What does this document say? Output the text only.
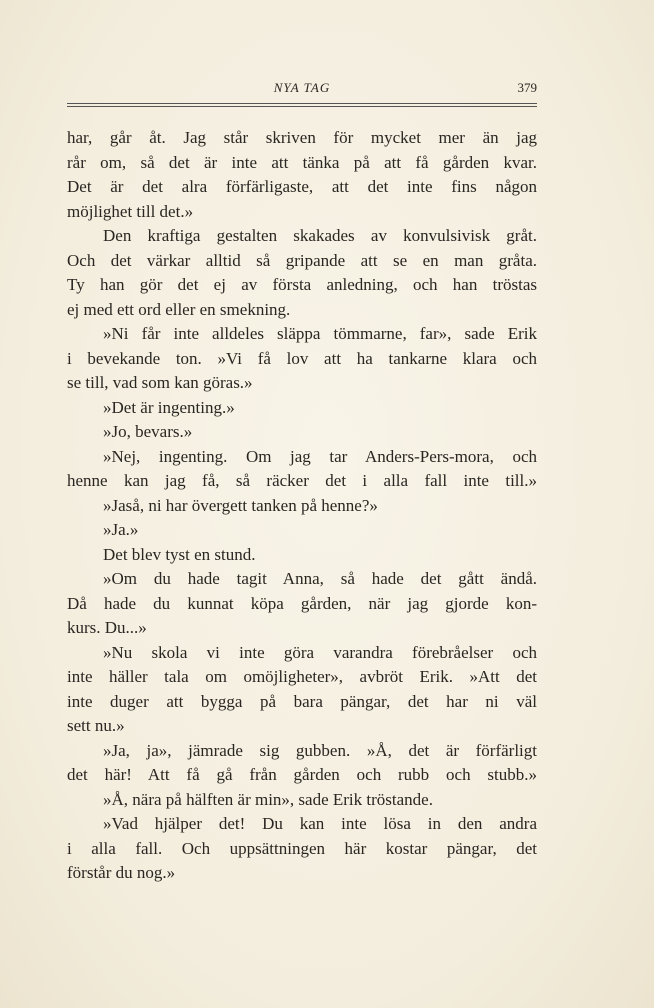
NYA TAG	379
har, går åt. Jag står skriven för mycket mer än jag
rår om, så det är inte att tänka på att få gården kvar.
Det är det alra förfärligaste, att det inte fins någon
möjlighet till det.»
Den kraftiga gestalten skakades av konvulsivisk gråt.
Och det värkar alltid så gripande att se en man gråta.
Ty han gör det ej av första anledning, och han tröstas
ej med ett ord eller en smekning.
»Ni får inte alldeles släppa tömmarne, far», sade Erik
i bevekande ton. »Vi få lov att ha tankarne klara och
se till, vad som kan göras.»
»Det är ingenting.»
»Jo, bevars.»
»Nej, ingenting. Om jag tar Anders-Pers-mora, och
henne kan jag få, så räcker det i alla fall inte till.»
»Jaså, ni har övergett tanken på henne?»
»Ja.»
Det blev tyst en stund.
»Om du hade tagit Anna, så hade det gått ändå.
Då hade du kunnat köpa gården, när jag gjorde kon-
kurs. Du...»
»Nu skola vi inte göra varandra förebråelser och
inte häller tala om omöjligheter», avbröt Erik. »Att det
inte duger att bygga på bara pängar, det har ni väl
sett nu.»
»Ja, ja», jämrade sig gubben. »Å, det är förfärligt
det här! Att få gå från gården och rubb och stubb.»
»Å, nära på hälften är min», sade Erik tröstande.
»Vad hjälper det! Du kan inte lösa in den andra
i alla fall. Och uppsättningen här kostar pängar, det
förstår du nog.»
